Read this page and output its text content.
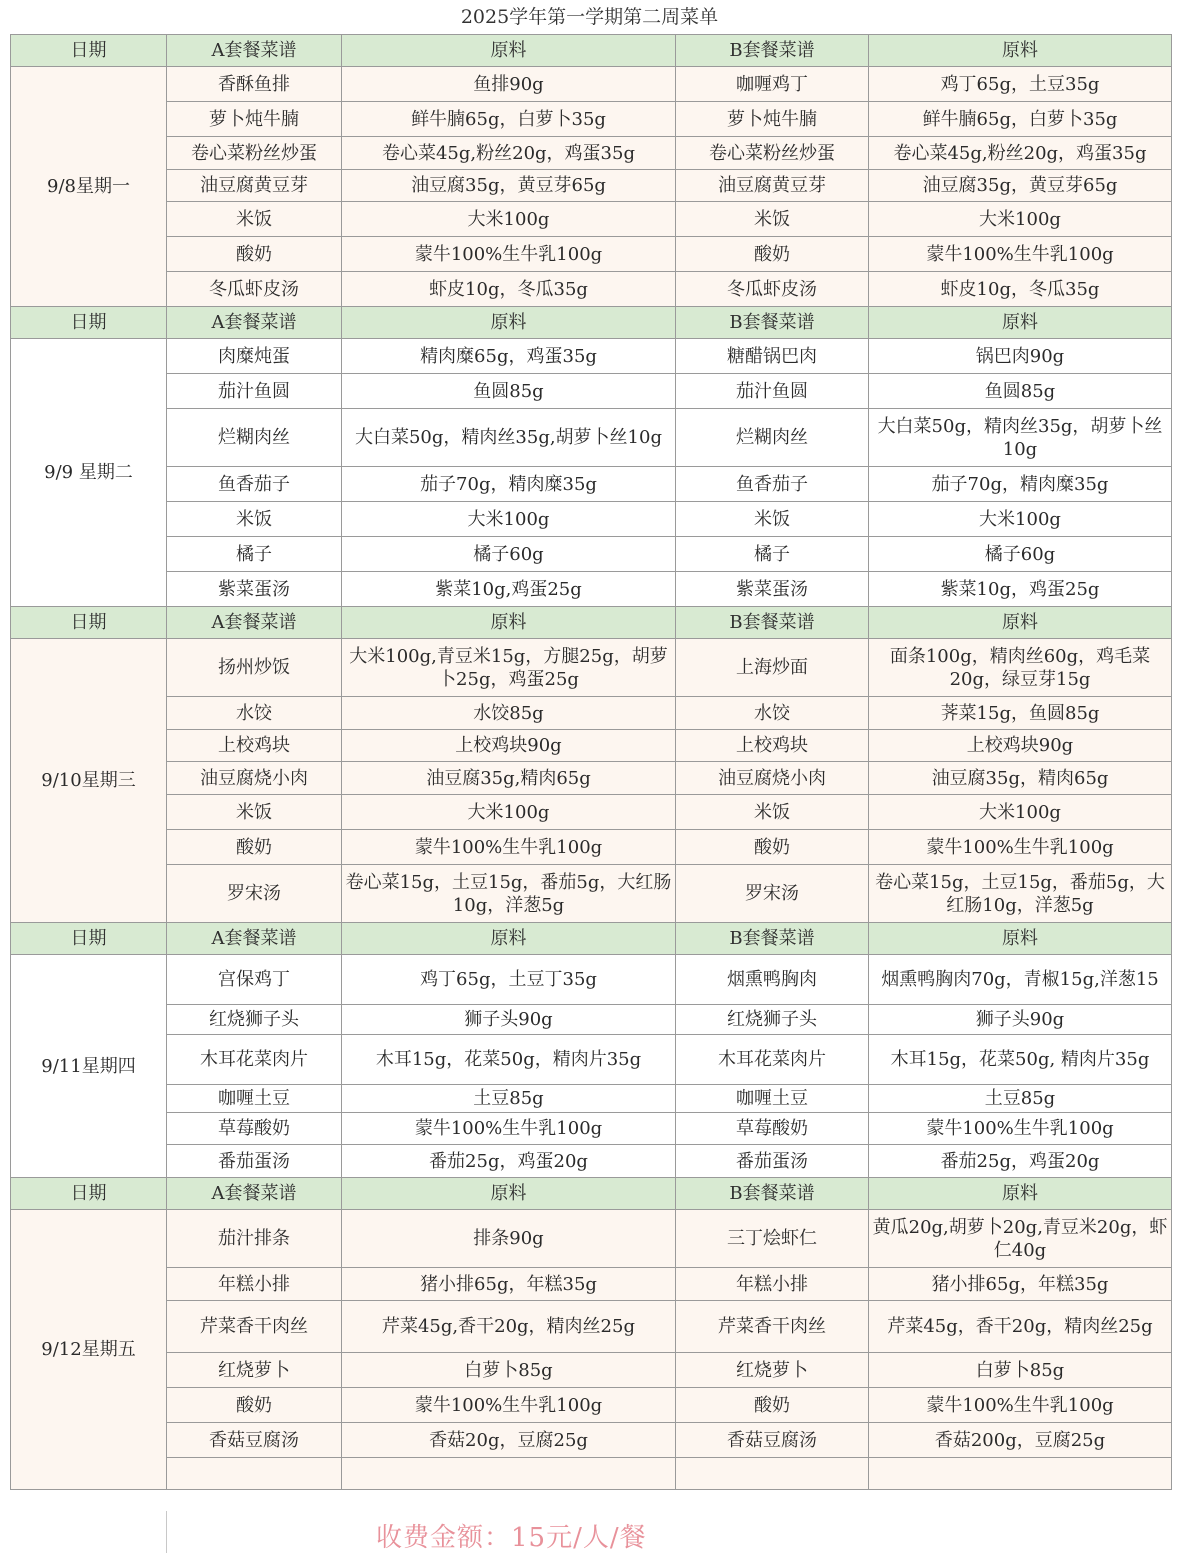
2025学年第一学期第二周菜单
日期	A套餐菜谱	原料	B套餐菜谱	原料
9/8星期一	香酥鱼排	鱼排90g	咖喱鸡丁	鸡丁65g，土豆35g
	萝卜炖牛腩	鲜牛腩65g，白萝卜35g	萝卜炖牛腩	鲜牛腩65g，白萝卜35g
	卷心菜粉丝炒蛋	卷心菜45g,粉丝20g，鸡蛋35g	卷心菜粉丝炒蛋	卷心菜45g,粉丝20g，鸡蛋35g
	油豆腐黄豆芽	油豆腐35g，黄豆芽65g	油豆腐黄豆芽	油豆腐35g，黄豆芽65g
	米饭	大米100g	米饭	大米100g
	酸奶	蒙牛100%生牛乳100g	酸奶	蒙牛100%生牛乳100g
	冬瓜虾皮汤	虾皮10g，冬瓜35g	冬瓜虾皮汤	虾皮10g，冬瓜35g
日期	A套餐菜谱	原料	B套餐菜谱	原料
9/9 星期二	肉糜炖蛋	精肉糜65g，鸡蛋35g	糖醋锅巴肉	锅巴肉90g
	茄汁鱼圆	鱼圆85g	茄汁鱼圆	鱼圆85g
	烂糊肉丝	大白菜50g，精肉丝35g,胡萝卜丝10g	烂糊肉丝	大白菜50g，精肉丝35g，胡萝卜丝10g
	鱼香茄子	茄子70g，精肉糜35g	鱼香茄子	茄子70g，精肉糜35g
	米饭	大米100g	米饭	大米100g
	橘子	橘子60g	橘子	橘子60g
	紫菜蛋汤	紫菜10g,鸡蛋25g	紫菜蛋汤	紫菜10g，鸡蛋25g
日期	A套餐菜谱	原料	B套餐菜谱	原料
9/10星期三	扬州炒饭	大米100g,青豆米15g，方腿25g，胡萝卜25g，鸡蛋25g	上海炒面	面条100g，精肉丝60g，鸡毛菜20g，绿豆芽15g
	水饺	水饺85g	水饺	荠菜15g，鱼圆85g
	上校鸡块	上校鸡块90g	上校鸡块	上校鸡块90g
	油豆腐烧小肉	油豆腐35g,精肉65g	油豆腐烧小肉	油豆腐35g，精肉65g
	米饭	大米100g	米饭	大米100g
	酸奶	蒙牛100%生牛乳100g	酸奶	蒙牛100%生牛乳100g
	罗宋汤	卷心菜15g，土豆15g，番茄5g，大红肠10g，洋葱5g	罗宋汤	卷心菜15g，土豆15g，番茄5g，大红肠10g，洋葱5g
日期	A套餐菜谱	原料	B套餐菜谱	原料
9/11星期四	宫保鸡丁	鸡丁65g，土豆丁35g	烟熏鸭胸肉	烟熏鸭胸肉70g，青椒15g,洋葱15
	红烧狮子头	狮子头90g	红烧狮子头	狮子头90g
	木耳花菜肉片	木耳15g，花菜50g，精肉片35g	木耳花菜肉片	木耳15g，花菜50g, 精肉片35g
	咖喱土豆	土豆85g	咖喱土豆	土豆85g
	草莓酸奶	蒙牛100%生牛乳100g	草莓酸奶	蒙牛100%生牛乳100g
	番茄蛋汤	番茄25g，鸡蛋20g	番茄蛋汤	番茄25g，鸡蛋20g
日期	A套餐菜谱	原料	B套餐菜谱	原料
9/12星期五	茄汁排条	排条90g	三丁烩虾仁	黄瓜20g,胡萝卜20g,青豆米20g，虾仁40g
	年糕小排	猪小排65g，年糕35g	年糕小排	猪小排65g，年糕35g
	芹菜香干肉丝	芹菜45g,香干20g，精肉丝25g	芹菜香干肉丝	芹菜45g，香干20g，精肉丝25g
	红烧萝卜	白萝卜85g	红烧萝卜	白萝卜85g
	酸奶	蒙牛100%生牛乳100g	酸奶	蒙牛100%生牛乳100g
	香菇豆腐汤	香菇20g，豆腐25g	香菇豆腐汤	香菇200g，豆腐25g

收费金额：15元/人/餐
